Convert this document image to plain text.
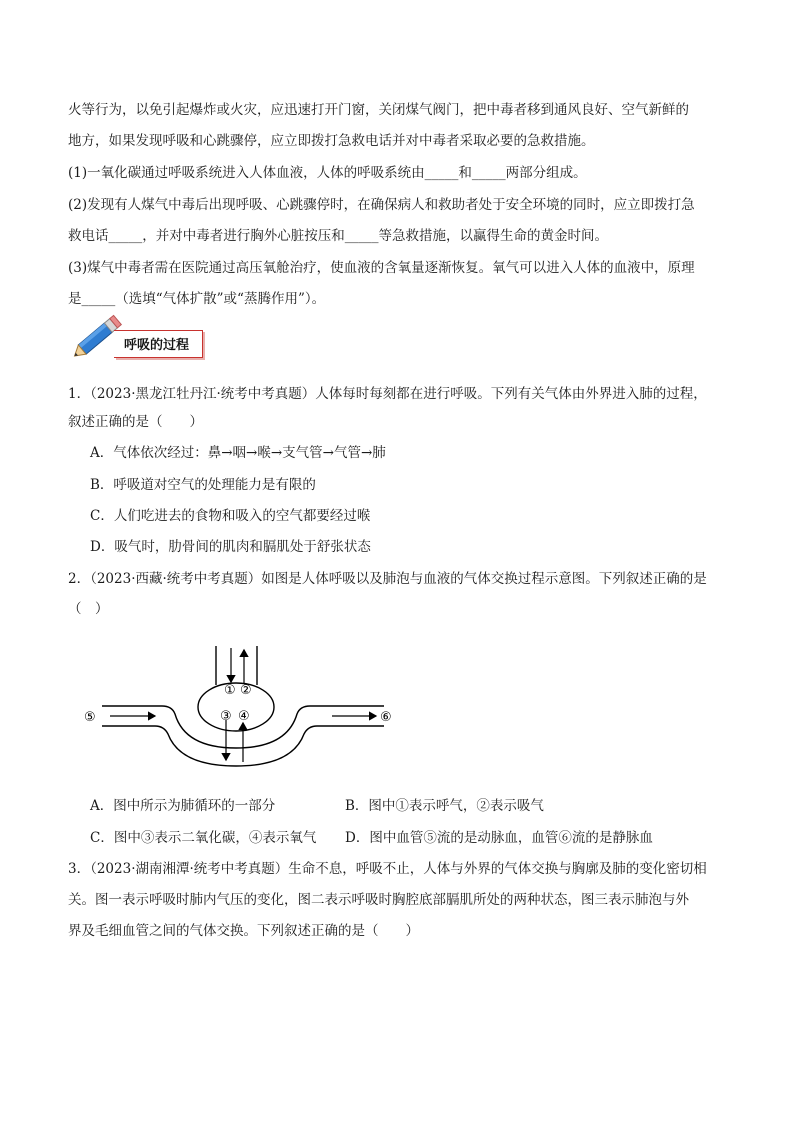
火等行为，以免引起爆炸或火灾，应迅速打开门窗，关闭煤气阀门，把中毒者移到通风良好、空气新鲜的
地方，如果发现呼吸和心跳骤停，应立即拨打急救电话并对中毒者采取必要的急救措施。
(1)一氧化碳通过呼吸系统进入人体血液，人体的呼吸系统由_____和_____两部分组成。
(2)发现有人煤气中毒后出现呼吸、心跳骤停时，在确保病人和救助者处于安全环境的同时，应立即拨打急
救电话_____，并对中毒者进行胸外心脏按压和_____等急救措施，以赢得生命的黄金时间。
(3)煤气中毒者需在医院通过高压氧舱治疗，使血液的含氧量逐渐恢复。氧气可以进入人体的血液中，原理
是_____（选填“气体扩散”或“蒸腾作用”）。
呼吸的过程
1．（2023·黑龙江牡丹江·统考中考真题）人体每时每刻都在进行呼吸。下列有关气体由外界进入肺的过程，
叙述正确的是（　　）
A．气体依次经过：鼻→咽→喉→支气管→气管→肺
B．呼吸道对空气的处理能力是有限的
C．人们吃进去的食物和吸入的空气都要经过喉
D．吸气时，肋骨间的肌肉和膈肌处于舒张状态
2．（2023·西藏·统考中考真题）如图是人体呼吸以及肺泡与血液的气体交换过程示意图。下列叙述正确的是
（　）
① ②
③ ④
⑤	⑥
A．图中所示为肺循环的一部分	B．图中①表示呼气，②表示吸气
C．图中③表示二氧化碳，④表示氧气 D．图中血管⑤流的是动脉血，血管⑥流的是静脉血
3．（2023·湖南湘潭·统考中考真题）生命不息，呼吸不止，人体与外界的气体交换与胸廓及肺的变化密切相
关。图一表示呼吸时肺内气压的变化，图二表示呼吸时胸腔底部膈肌所处的两种状态，图三表示肺泡与外
界及毛细血管之间的气体交换。下列叙述正确的是（　　）
